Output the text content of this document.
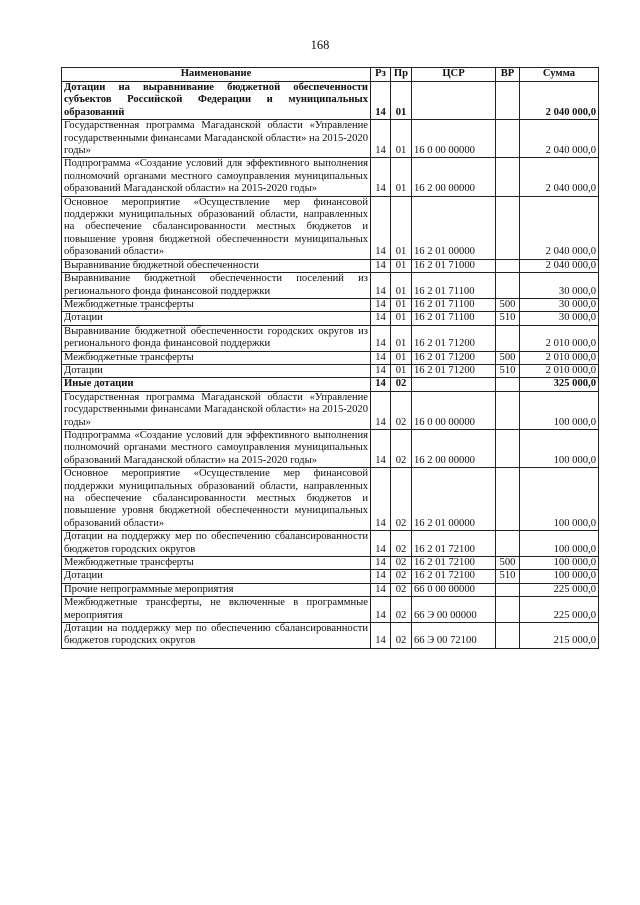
168
Наименование	Рз	Пр	ЦСР	ВР	Сумма
Дотации на выравнивание бюджетной обеспеченности субъектов Российской Федерации и муниципальных образований	14	01			2 040 000,0
Государственная программа Магаданской области «Управление государственными финансами Магаданской области» на 2015-2020 годы»	14	01	16 0 00 00000		2 040 000,0
Подпрограмма «Создание условий для эффективного выполнения полномочий органами местного самоуправления муниципальных образований Магаданской области» на 2015-2020 годы»	14	01	16 2 00 00000		2 040 000,0
Основное мероприятие «Осуществление мер финансовой поддержки муниципальных образований области, направленных на обеспечение сбалансированности местных бюджетов и повышение уровня бюджетной обеспеченности муниципальных образований области»	14	01	16 2 01 00000		2 040 000,0
Выравнивание бюджетной обеспеченности	14	01	16 2 01 71000		2 040 000,0
Выравнивание бюджетной обеспеченности поселений из регионального фонда финансовой поддержки	14	01	16 2 01 71100		30 000,0
Межбюджетные трансферты	14	01	16 2 01 71100	500	30 000,0
Дотации	14	01	16 2 01 71100	510	30 000,0
Выравнивание бюджетной обеспеченности городских округов из регионального фонда финансовой поддержки	14	01	16 2 01 71200		2 010 000,0
Межбюджетные трансферты	14	01	16 2 01 71200	500	2 010 000,0
Дотации	14	01	16 2 01 71200	510	2 010 000,0
Иные дотации	14	02			325 000,0
Государственная программа Магаданской области «Управление государственными финансами Магаданской области» на 2015-2020 годы»	14	02	16 0 00 00000		100 000,0
Подпрограмма «Создание условий для эффективного выполнения полномочий органами местного самоуправления муниципальных образований Магаданской области» на 2015-2020 годы»	14	02	16 2 00 00000		100 000,0
Основное мероприятие «Осуществление мер финансовой поддержки муниципальных образований области, направленных на обеспечение сбалансированности местных бюджетов и повышение уровня бюджетной обеспеченности муниципальных образований области»	14	02	16 2 01 00000		100 000,0
Дотации на поддержку мер по обеспечению сбалансированности бюджетов городских округов	14	02	16 2 01 72100		100 000,0
Межбюджетные трансферты	14	02	16 2 01 72100	500	100 000,0
Дотации	14	02	16 2 01 72100	510	100 000,0
Прочие непрограммные мероприятия	14	02	66 0 00 00000		225 000,0
Межбюджетные трансферты, не включенные в программные мероприятия	14	02	66 Э 00 00000		225 000,0
Дотации на поддержку мер по обеспечению сбалансированности бюджетов городских округов	14	02	66 Э 00 72100		215 000,0
